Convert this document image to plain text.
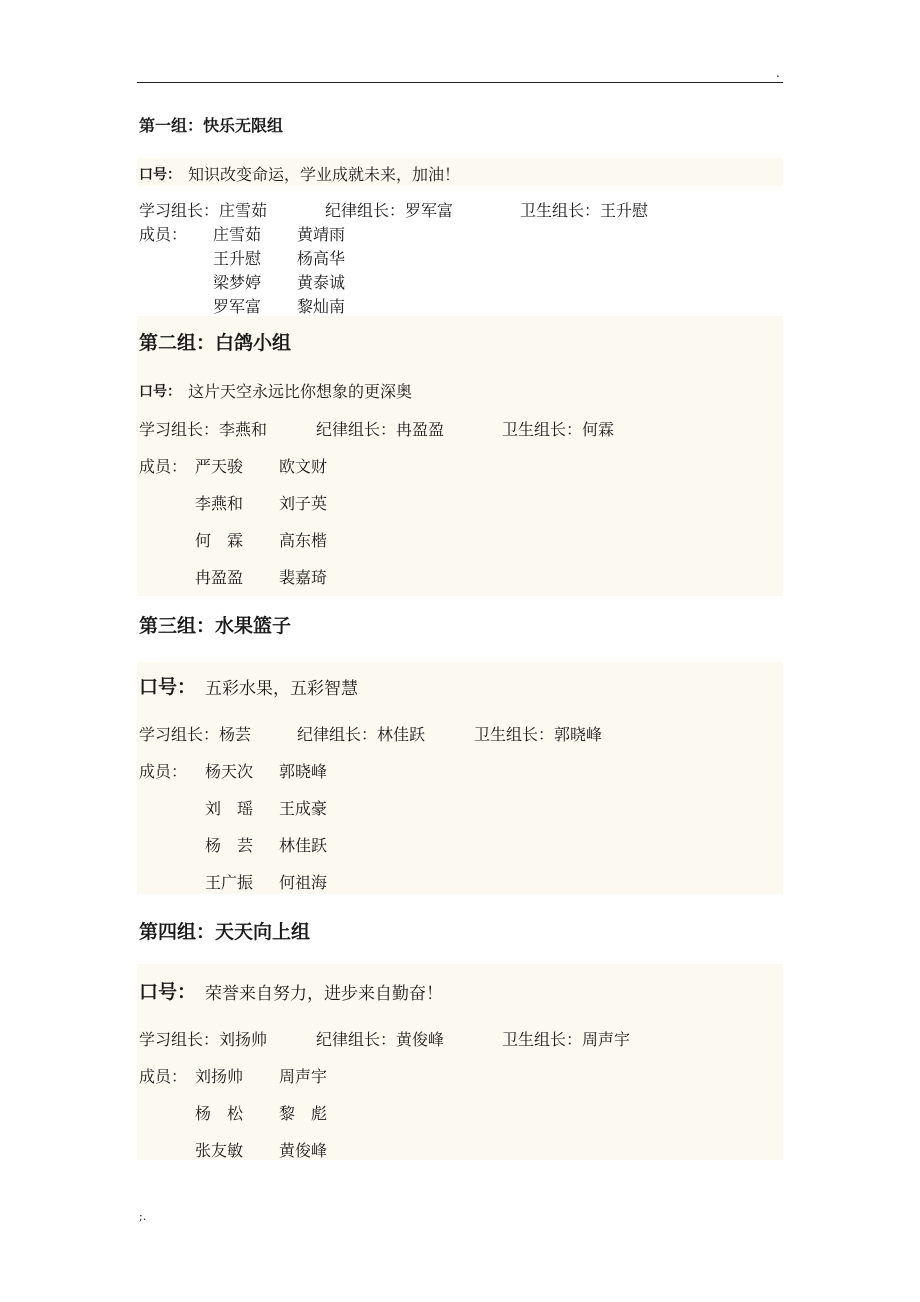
.
第一组：快乐无限组
口号： 知识改变命运，学业成就未来，加油！
学习组长：庄雪茹	纪律组长：罗军富	卫生组长：王升慰
成员： 庄雪茹 黄靖雨
王升慰 杨高华
梁梦婷 黄泰诚
罗军富 黎灿南
第二组：白鸽小组
口号： 这片天空永远比你想象的更深奥
学习组长：李燕和	纪律组长：冉盈盈	卫生组长：何霖
成员： 严天骏 欧文财
李燕和 刘子英
何　霖 高东楷
冉盈盈 裴嘉琦
第三组：水果篮子
口号： 五彩水果，五彩智慧
学习组长：杨芸	纪律组长：林佳跃	卫生组长：郭晓峰
成员： 杨天次 郭晓峰
刘　瑶 王成豪
杨　芸 林佳跃
王广振 何祖海
第四组：天天向上组
口号： 荣誉来自努力，进步来自勤奋！
学习组长：刘扬帅	纪律组长：黄俊峰	卫生组长：周声宇
成员： 刘扬帅 周声宇
杨　松 黎　彪
张友敏 黄俊峰
;.
